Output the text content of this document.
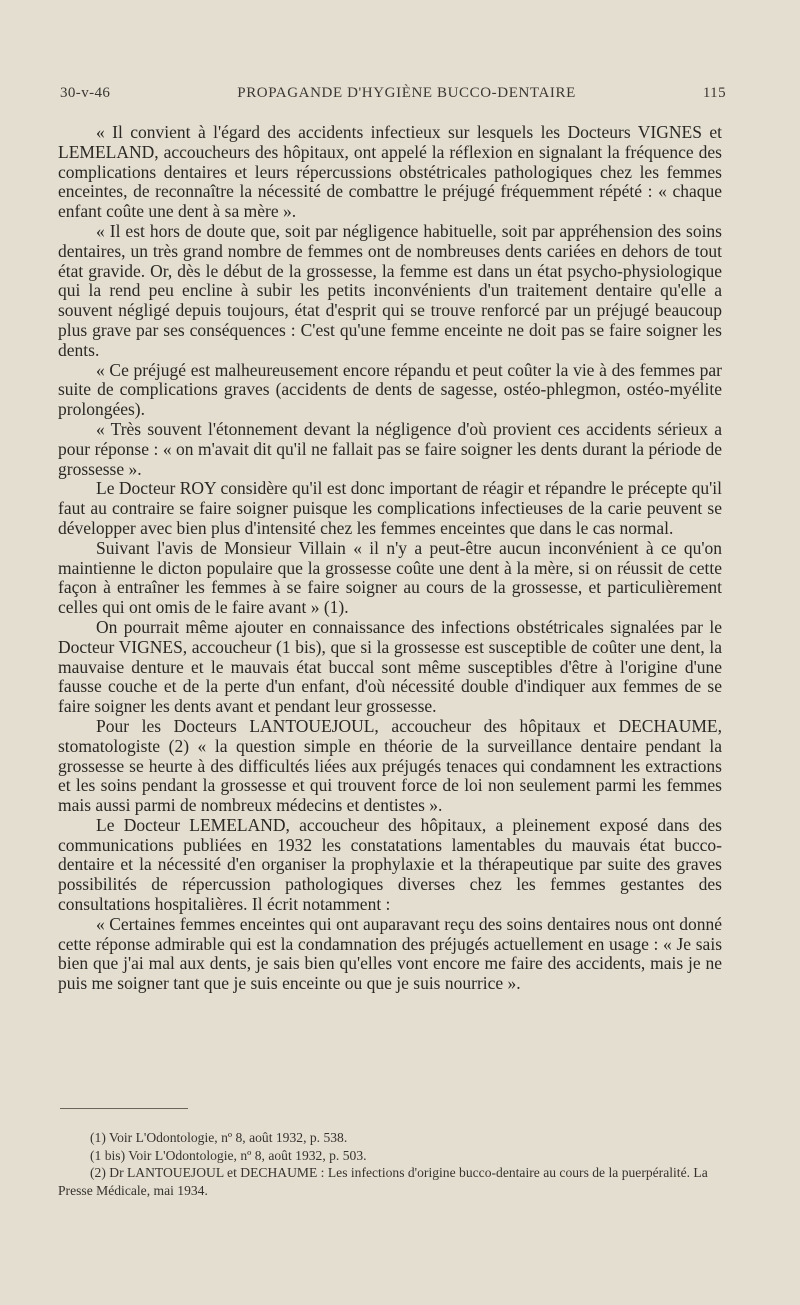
30-v-46	PROPAGANDE D'HYGIÈNE BUCCO-DENTAIRE	115

« Il convient à l'égard des accidents infectieux sur lesquels les Docteurs VIGNES et LEMELAND, accoucheurs des hôpitaux, ont appelé la réflexion en signalant la fréquence des complications dentaires et leurs répercussions obstétricales pathologiques chez les femmes enceintes, de reconnaître la nécessité de combattre le préjugé fréquemment répété : « chaque enfant coûte une dent à sa mère ».

« Il est hors de doute que, soit par négligence habituelle, soit par appréhension des soins dentaires, un très grand nombre de femmes ont de nombreuses dents cariées en dehors de tout état gravide. Or, dès le début de la grossesse, la femme est dans un état psycho-physiologique qui la rend peu encline à subir les petits inconvénients d'un traitement dentaire qu'elle a souvent négligé depuis toujours, état d'esprit qui se trouve renforcé par un préjugé beaucoup plus grave par ses conséquences : C'est qu'une femme enceinte ne doit pas se faire soigner les dents.

« Ce préjugé est malheureusement encore répandu et peut coûter la vie à des femmes par suite de complications graves (accidents de dents de sagesse, ostéo-phlegmon, ostéo-myélite prolongées).

« Très souvent l'étonnement devant la négligence d'où provient ces accidents sérieux a pour réponse : « on m'avait dit qu'il ne fallait pas se faire soigner les dents durant la période de grossesse ».

Le Docteur ROY considère qu'il est donc important de réagir et répandre le précepte qu'il faut au contraire se faire soigner puisque les complications infectieuses de la carie peuvent se développer avec bien plus d'intensité chez les femmes enceintes que dans le cas normal.

Suivant l'avis de Monsieur Villain « il n'y a peut-être aucun inconvénient à ce qu'on maintienne le dicton populaire que la grossesse coûte une dent à la mère, si on réussit de cette façon à entraîner les femmes à se faire soigner au cours de la grossesse, et particulièrement celles qui ont omis de le faire avant » (1).

On pourrait même ajouter en connaissance des infections obstétricales signalées par le Docteur VIGNES, accoucheur (1 bis), que si la grossesse est susceptible de coûter une dent, la mauvaise denture et le mauvais état buccal sont même susceptibles d'être à l'origine d'une fausse couche et de la perte d'un enfant, d'où nécessité double d'indiquer aux femmes de se faire soigner les dents avant et pendant leur grossesse.

Pour les Docteurs LANTOUEJOUL, accoucheur des hôpitaux et DECHAUME, stomatologiste (2) « la question simple en théorie de la surveillance dentaire pendant la grossesse se heurte à des difficultés liées aux préjugés tenaces qui condamnent les extractions et les soins pendant la grossesse et qui trouvent force de loi non seulement parmi les femmes mais aussi parmi de nombreux médecins et dentistes ».

Le Docteur LEMELAND, accoucheur des hôpitaux, a pleinement exposé dans des communications publiées en 1932 les constatations lamentables du mauvais état bucco-dentaire et la nécessité d'en organiser la prophylaxie et la thérapeutique par suite des graves possibilités de répercussion pathologiques diverses chez les femmes gestantes des consultations hospitalières. Il écrit notamment :

« Certaines femmes enceintes qui ont auparavant reçu des soins dentaires nous ont donné cette réponse admirable qui est la condamnation des préjugés actuellement en usage : « Je sais bien que j'ai mal aux dents, je sais bien qu'elles vont encore me faire des accidents, mais je ne puis me soigner tant que je suis enceinte ou que je suis nourrice ».

(1) Voir L'Odontologie, nº 8, août 1932, p. 538.

(1 bis) Voir L'Odontologie, nº 8, août 1932, p. 503.

(2) Dr LANTOUEJOUL et DECHAUME : Les infections d'origine bucco-dentaire au cours de la puerpéralité. La Presse Médicale, mai 1934.
